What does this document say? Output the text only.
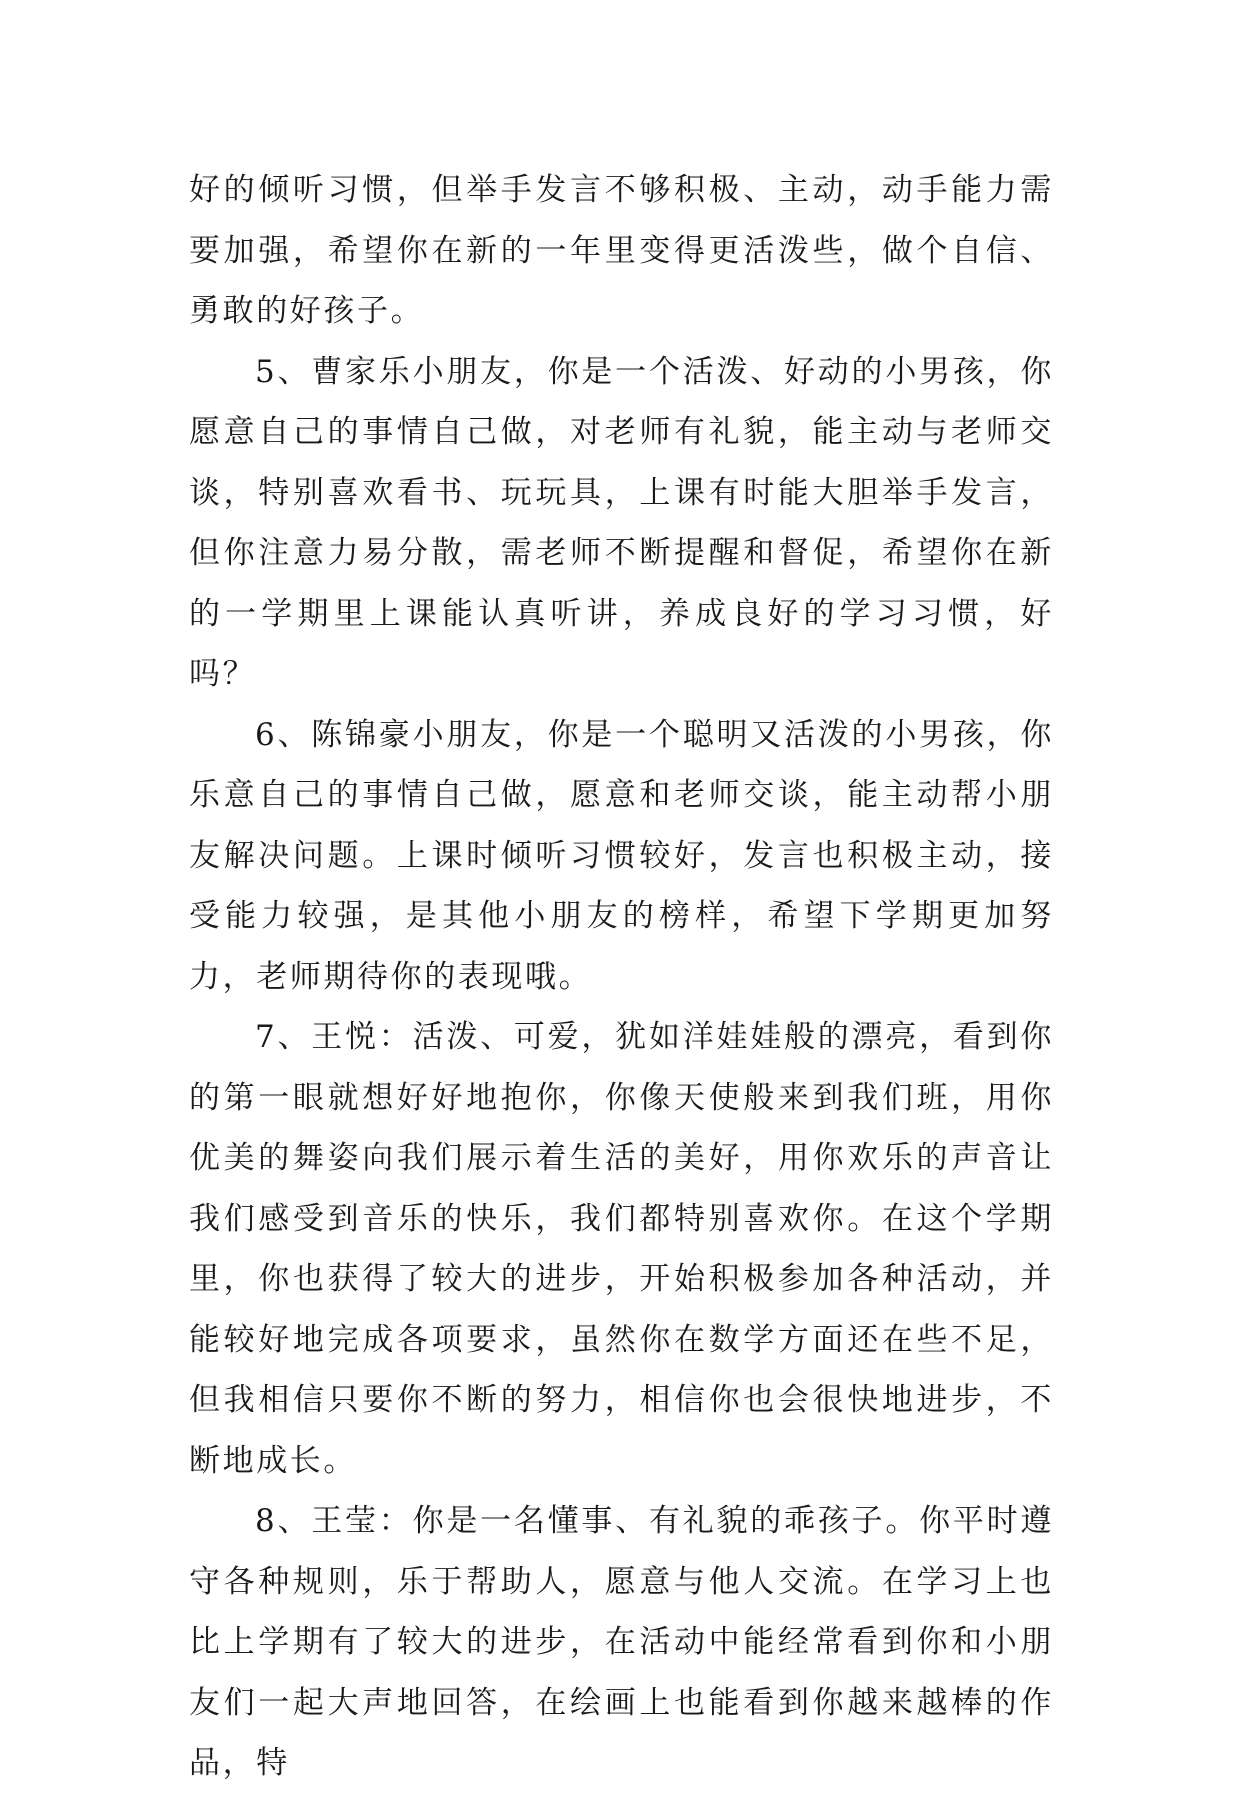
好的倾听习惯，但举手发言不够积极、主动，动手能力需要加强，希望你在新的一年里变得更活泼些，做个自信、勇敢的好孩子。

5、曹家乐小朋友，你是一个活泼、好动的小男孩，你愿意自己的事情自己做，对老师有礼貌，能主动与老师交谈，特别喜欢看书、玩玩具，上课有时能大胆举手发言，但你注意力易分散，需老师不断提醒和督促，希望你在新的一学期里上课能认真听讲，养成良好的学习习惯，好吗？

6、陈锦豪小朋友，你是一个聪明又活泼的小男孩，你乐意自己的事情自己做，愿意和老师交谈，能主动帮小朋友解决问题。上课时倾听习惯较好，发言也积极主动，接受能力较强，是其他小朋友的榜样，希望下学期更加努力，老师期待你的表现哦。

7、王悦：活泼、可爱，犹如洋娃娃般的漂亮，看到你的第一眼就想好好地抱你，你像天使般来到我们班，用你优美的舞姿向我们展示着生活的美好，用你欢乐的声音让我们感受到音乐的快乐，我们都特别喜欢你。在这个学期里，你也获得了较大的进步，开始积极参加各种活动，并能较好地完成各项要求，虽然你在数学方面还在些不足，但我相信只要你不断的努力，相信你也会很快地进步，不断地成长。

8、王莹：你是一名懂事、有礼貌的乖孩子。你平时遵守各种规则，乐于帮助人，愿意与他人交流。在学习上也比上学期有了较大的进步，在活动中能经常看到你和小朋友们一起大声地回答，在绘画上也能看到你越来越棒的作品，特
